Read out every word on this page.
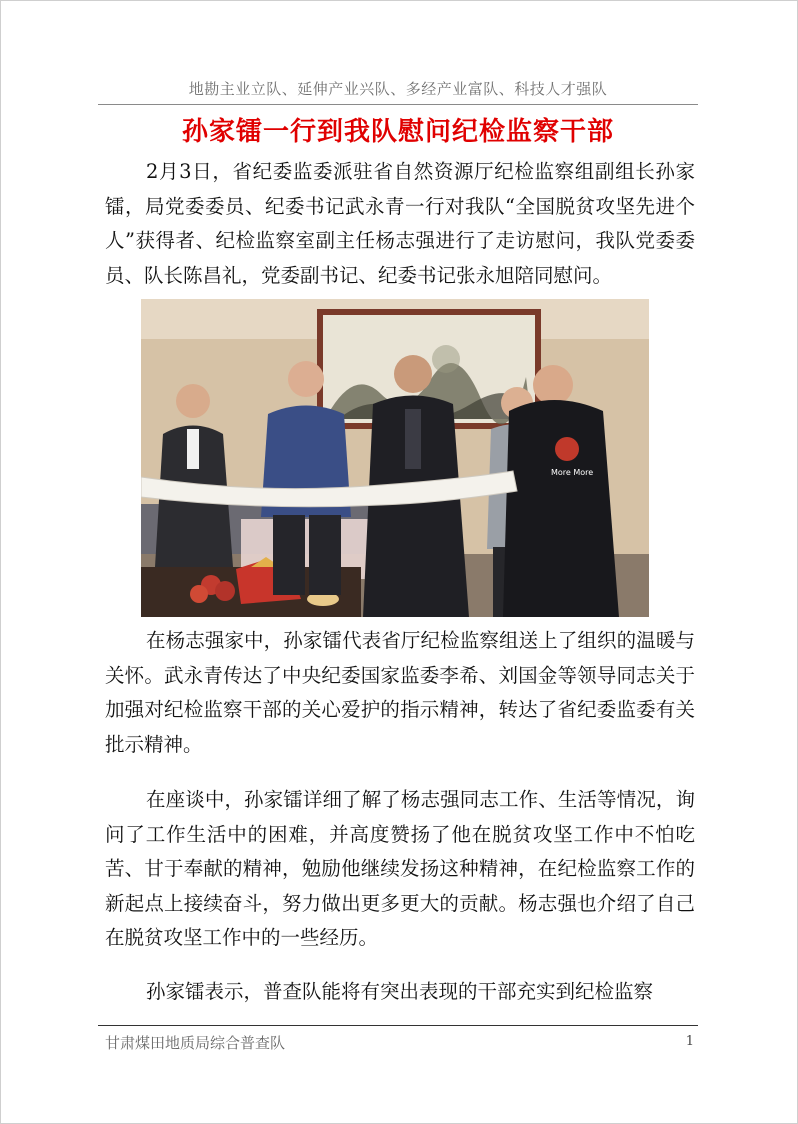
地勘主业立队、延伸产业兴队、多经产业富队、科技人才强队
孙家镭一行到我队慰问纪检监察干部

2月3日，省纪委监委派驻省自然资源厅纪检监察组副组长孙家镭，局党委委员、纪委书记武永青一行对我队“全国脱贫攻坚先进个人”获得者、纪检监察室副主任杨志强进行了走访慰问，我队党委委员、队长陈昌礼，党委副书记、纪委书记张永旭陪同慰问。

More More

在杨志强家中，孙家镭代表省厅纪检监察组送上了组织的温暖与关怀。武永青传达了中央纪委国家监委李希、刘国金等领导同志关于加强对纪检监察干部的关心爱护的指示精神，转达了省纪委监委有关批示精神。

在座谈中，孙家镭详细了解了杨志强同志工作、生活等情况，询问了工作生活中的困难，并高度赞扬了他在脱贫攻坚工作中不怕吃苦、甘于奉献的精神，勉励他继续发扬这种精神，在纪检监察工作的新起点上接续奋斗，努力做出更多更大的贡献。杨志强也介绍了自己在脱贫攻坚工作中的一些经历。

孙家镭表示，普查队能将有突出表现的干部充实到纪检监察

甘肃煤田地质局综合普查队	1
